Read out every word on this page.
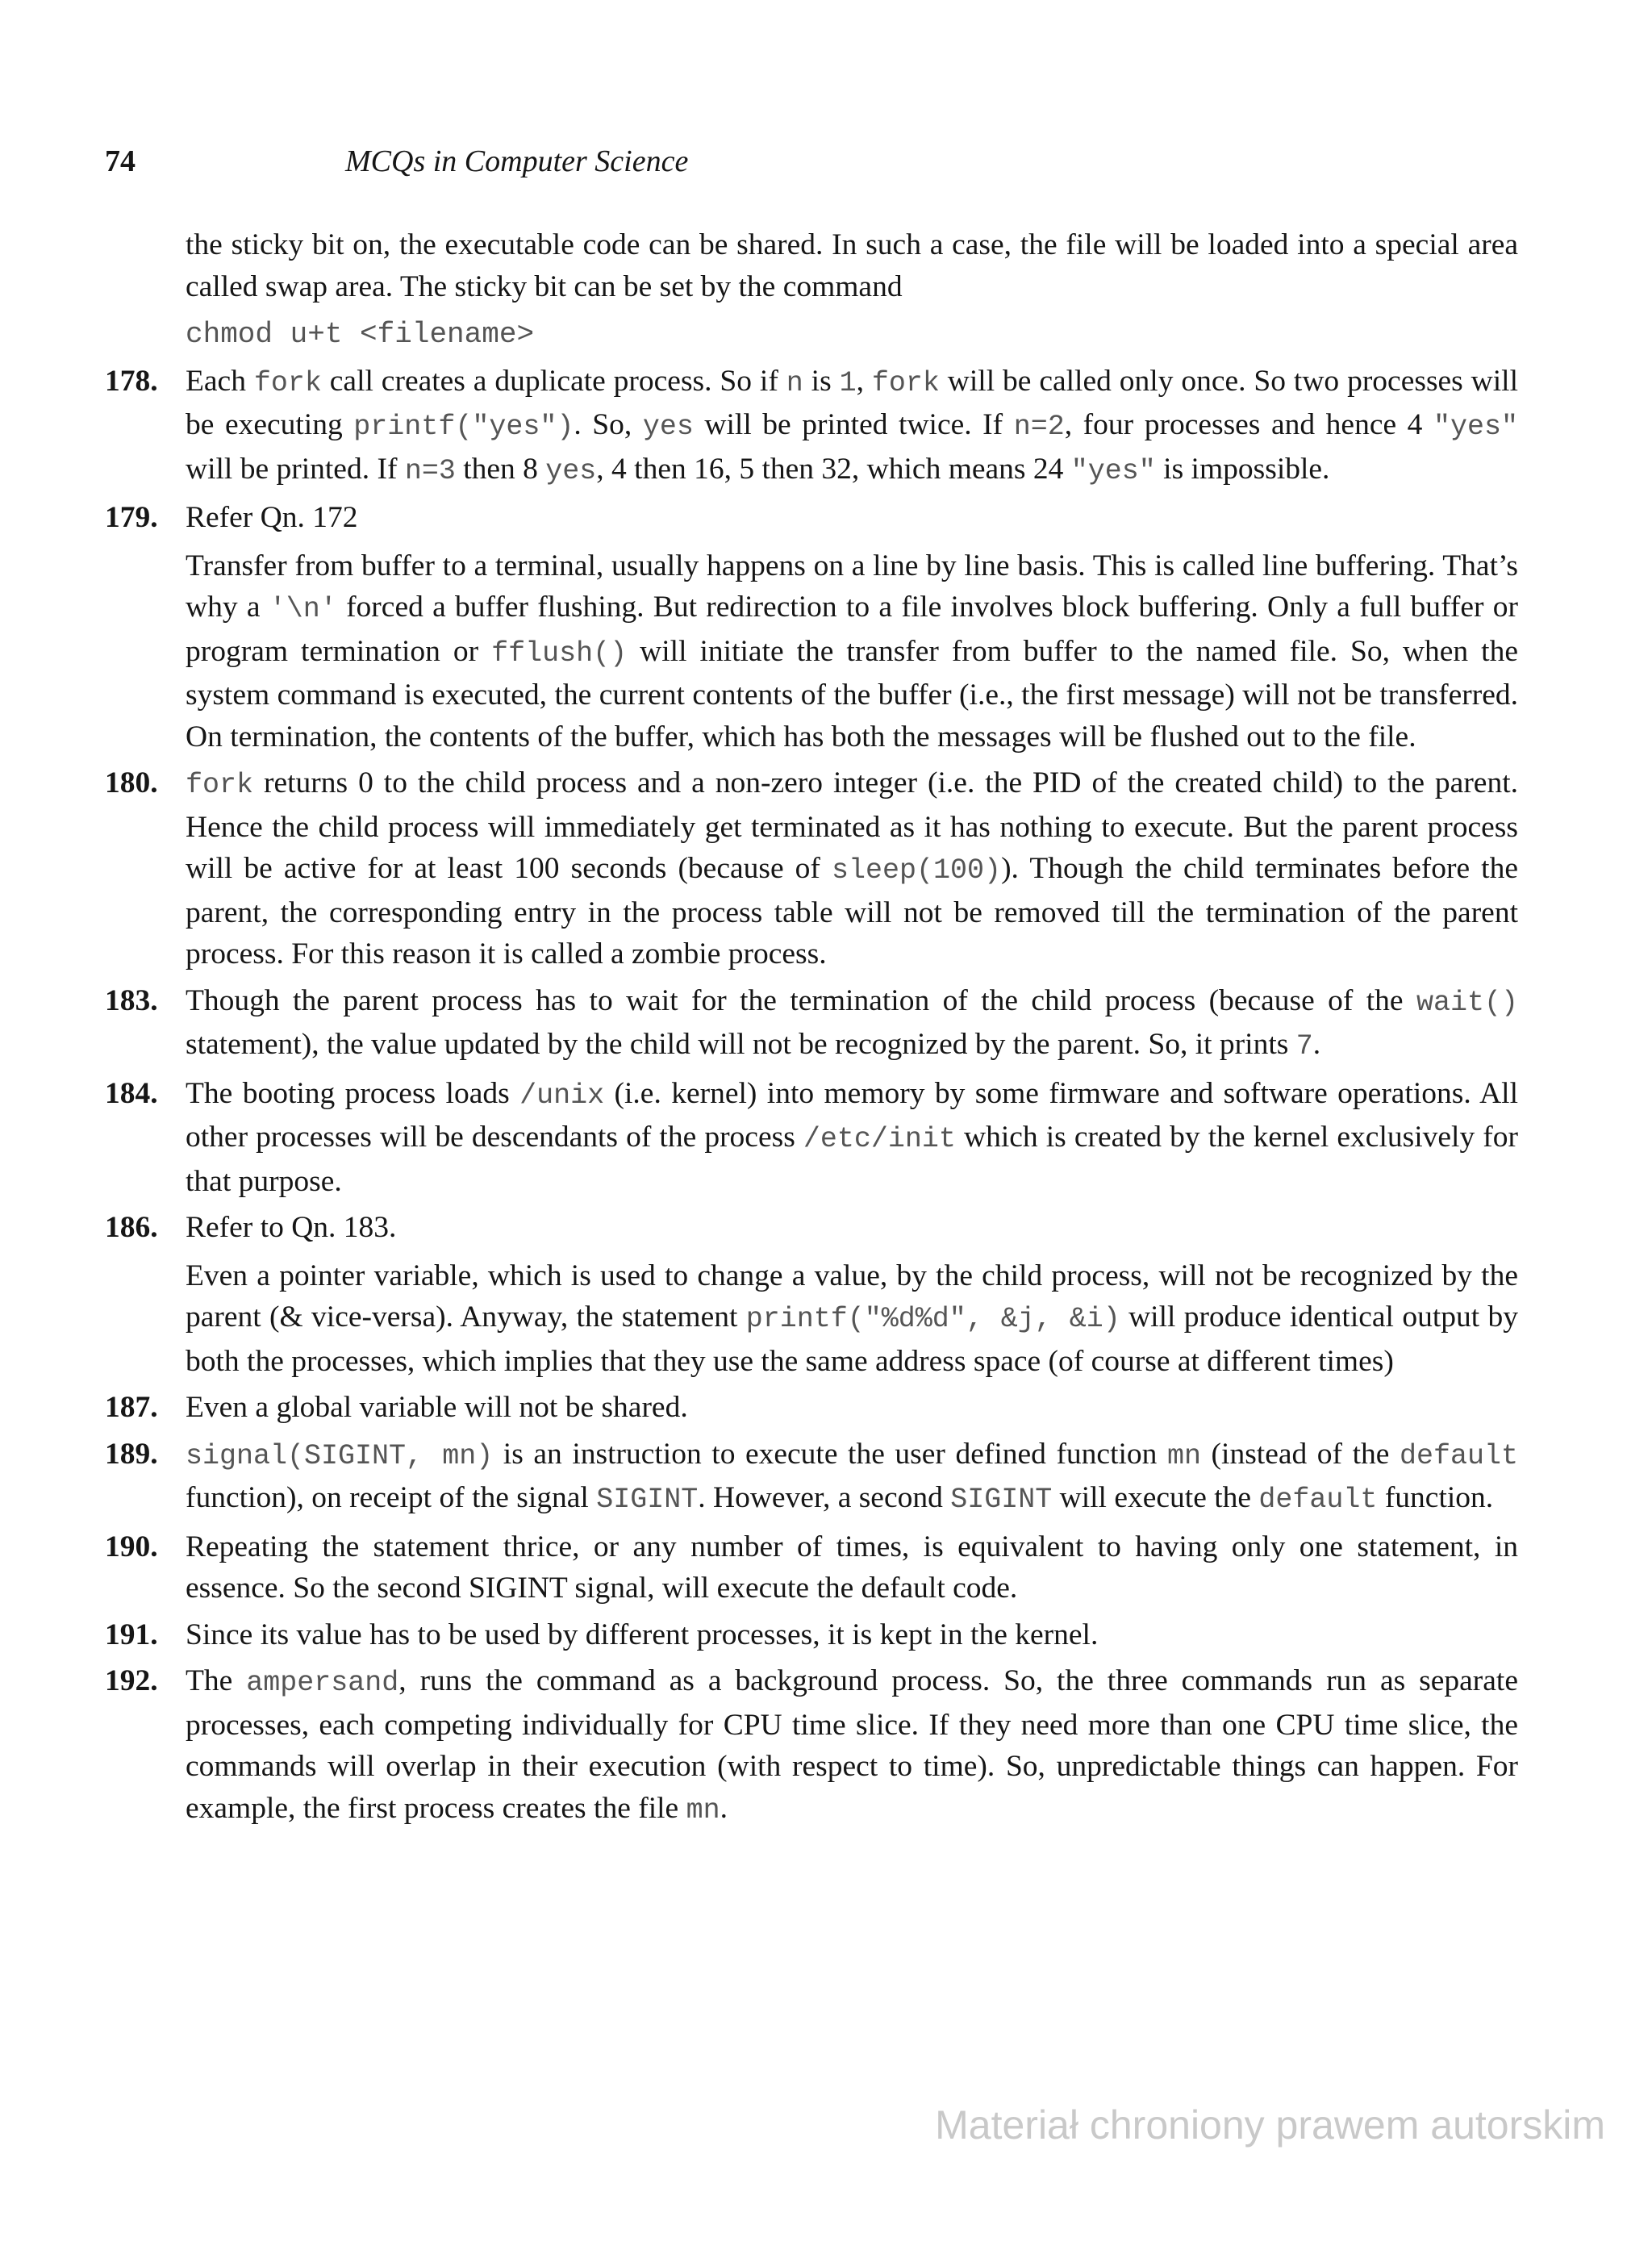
74	MCQs in Computer Science

the sticky bit on, the executable code can be shared. In such a case, the file will be loaded into a special area called swap area. The sticky bit can be set by the command

chmod u+t <filename>
178. Each fork call creates a duplicate process. So if n is 1, fork will be called only once. So two processes will be executing printf("yes"). So, yes will be printed twice. If n=2, four processes and hence 4 "yes" will be printed. If n=3 then 8 yes, 4 then 16, 5 then 32, which means 24 "yes" is impossible.

179. Refer Qn. 172

Transfer from buffer to a terminal, usually happens on a line by line basis. This is called line buffering. That’s why a '\n' forced a buffer flushing. But redirection to a file involves block buffering. Only a full buffer or program termination or fflush() will initiate the transfer from buffer to the named file. So, when the system command is executed, the current contents of the buffer (i.e., the first message) will not be transferred. On termination, the contents of the buffer, which has both the messages will be flushed out to the file.

180. fork returns 0 to the child process and a non-zero integer (i.e. the PID of the created child) to the parent. Hence the child process will immediately get terminated as it has nothing to execute. But the parent process will be active for at least 100 seconds (because of sleep(100)). Though the child terminates before the parent, the corresponding entry in the process table will not be removed till the termination of the parent process. For this reason it is called a zombie process.

183. Though the parent process has to wait for the termination of the child process (because of the wait() statement), the value updated by the child will not be recognized by the parent. So, it prints 7.

184. The booting process loads /unix (i.e. kernel) into memory by some firmware and software operations. All other processes will be descendants of the process /etc/init which is created by the kernel exclusively for that purpose.

186. Refer to Qn. 183.

Even a pointer variable, which is used to change a value, by the child process, will not be recognized by the parent (& vice-versa). Anyway, the statement printf("%d%d", &j, &i) will produce identical output by both the processes, which implies that they use the same address space (of course at different times)

187. Even a global variable will not be shared.

189. signal(SIGINT, mn) is an instruction to execute the user defined function mn (instead of the default function), on receipt of the signal SIGINT. However, a second SIGINT will execute the default function.

190. Repeating the statement thrice, or any number of times, is equivalent to having only one statement, in essence. So the second SIGINT signal, will execute the default code.

191. Since its value has to be used by different processes, it is kept in the kernel.

192. The ampersand, runs the command as a background process. So, the three commands run as separate processes, each competing individually for CPU time slice. If they need more than one CPU time slice, the commands will overlap in their execution (with respect to time). So, unpredictable things can happen. For example, the first process creates the file mn.

Materiał chroniony prawem autorskim
